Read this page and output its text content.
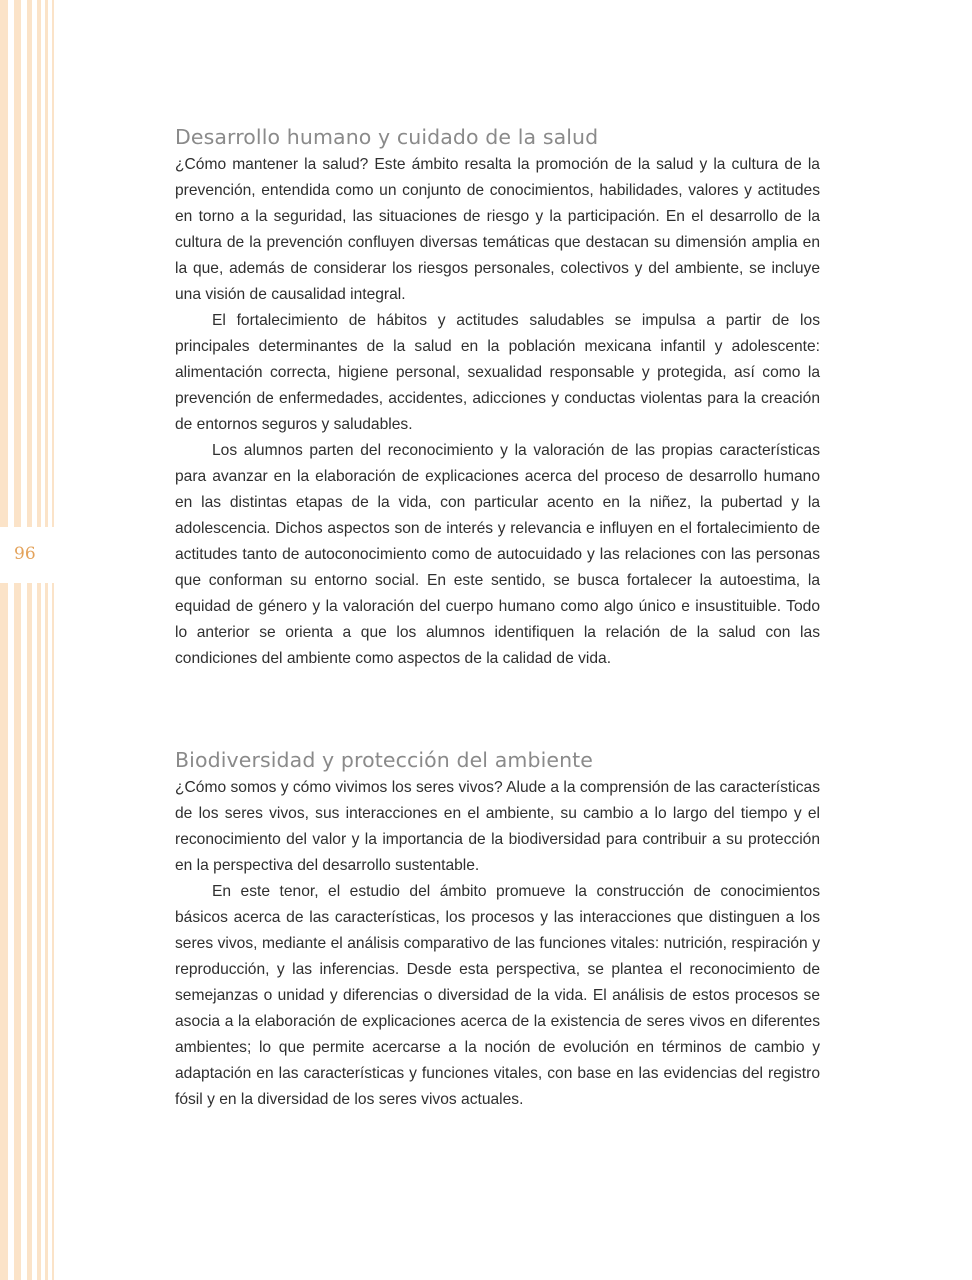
96
Desarrollo humano y cuidado de la salud

¿Cómo mantener la salud? Este ámbito resalta la promoción de la salud y la cultura de la prevención, entendida como un conjunto de conocimientos, habilidades, valores y actitudes en torno a la seguridad, las situaciones de riesgo y la participación. En el desarrollo de la cultura de la prevención confluyen diversas temáticas que destacan su dimensión amplia en la que, además de considerar los riesgos personales, colectivos y del ambiente, se incluye una visión de causalidad integral.

El fortalecimiento de hábitos y actitudes saludables se impulsa a partir de los principales determinantes de la salud en la población mexicana infantil y adolescente: alimentación correcta, higiene personal, sexualidad responsable y protegida, así como la prevención de enfermedades, accidentes, adicciones y conductas violentas para la creación de entornos seguros y saludables.

Los alumnos parten del reconocimiento y la valoración de las propias características para avanzar en la elaboración de explicaciones acerca del proceso de desarrollo humano en las distintas etapas de la vida, con particular acento en la niñez, la pubertad y la adolescencia. Dichos aspectos son de interés y relevancia e influyen en el fortalecimiento de actitudes tanto de autoconocimiento como de autocuidado y las relaciones con las personas que conforman su entorno social. En este sentido, se busca fortalecer la autoestima, la equidad de género y la valoración del cuerpo humano como algo único e insustituible. Todo lo anterior se orienta a que los alumnos identifiquen la relación de la salud con las condiciones del ambiente como aspectos de la calidad de vida.

Biodiversidad y protección del ambiente

¿Cómo somos y cómo vivimos los seres vivos? Alude a la comprensión de las características de los seres vivos, sus interacciones en el ambiente, su cambio a lo largo del tiempo y el reconocimiento del valor y la importancia de la biodiversidad para contribuir a su protección en la perspectiva del desarrollo sustentable.

En este tenor, el estudio del ámbito promueve la construcción de conocimientos básicos acerca de las características, los procesos y las interacciones que distinguen a los seres vivos, mediante el análisis comparativo de las funciones vitales: nutrición, respiración y reproducción, y las inferencias. Desde esta perspectiva, se plantea el reconocimiento de semejanzas o unidad y diferencias o diversidad de la vida. El análisis de estos procesos se asocia a la elaboración de explicaciones acerca de la existencia de seres vivos en diferentes ambientes; lo que permite acercarse a la noción de evolución en términos de cambio y adaptación en las características y funciones vitales, con base en las evidencias del registro fósil y en la diversidad de los seres vivos actuales.
